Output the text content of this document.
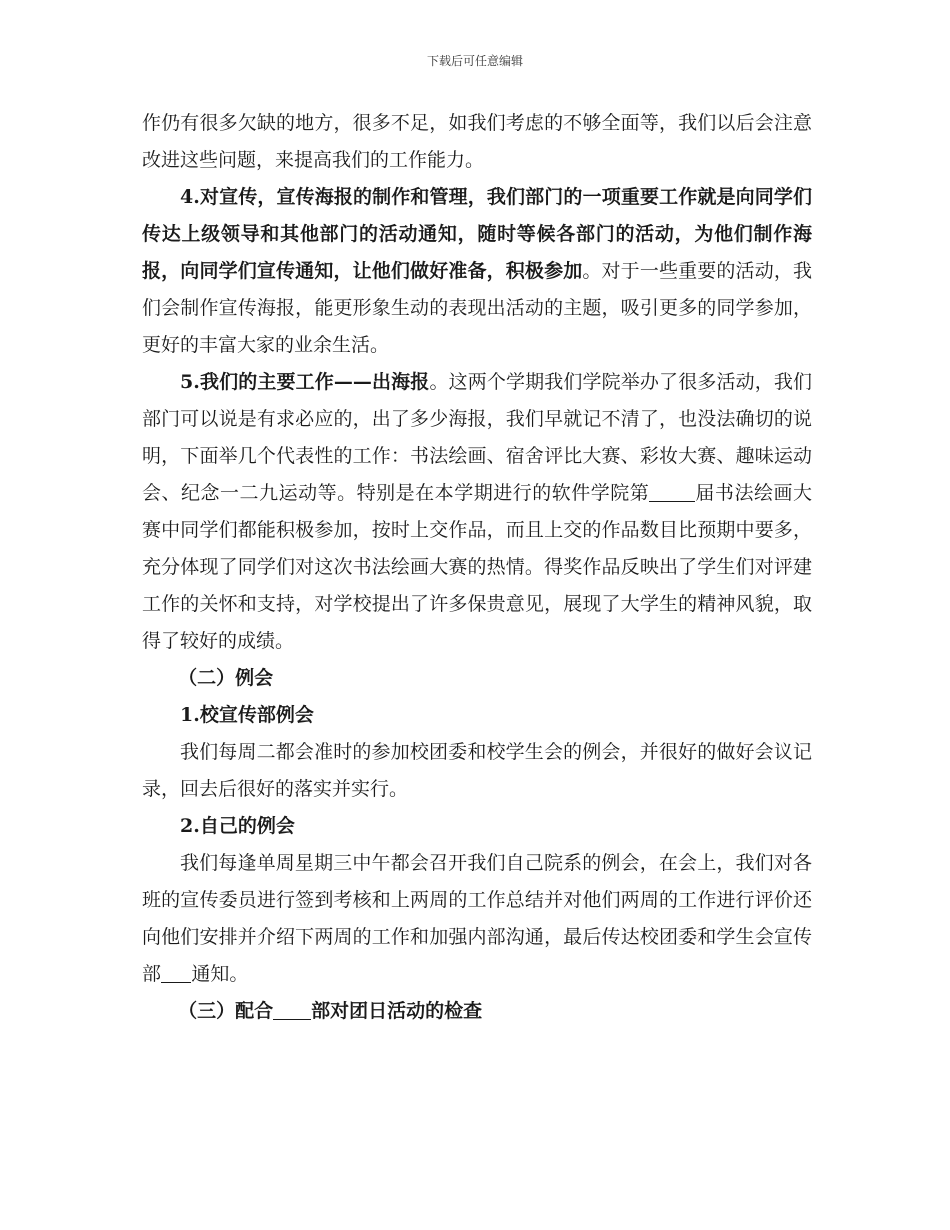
下载后可任意编辑

作仍有很多欠缺的地方，很多不足，如我们考虑的不够全面等，我们以后会注意改进这些问题，来提高我们的工作能力。

4.对宣传，宣传海报的制作和管理，我们部门的一项重要工作就是向同学们传达上级领导和其他部门的活动通知，随时等候各部门的活动，为他们制作海报，向同学们宣传通知，让他们做好准备，积极参加。对于一些重要的活动，我们会制作宣传海报，能更形象生动的表现出活动的主题，吸引更多的同学参加，更好的丰富大家的业余生活。

5.我们的主要工作——出海报。这两个学期我们学院举办了很多活动，我们部门可以说是有求必应的，出了多少海报，我们早就记不清了，也没法确切的说明，下面举几个代表性的工作：书法绘画、宿舍评比大赛、彩妆大赛、趣味运动会、纪念一二九运动等。特别是在本学期进行的软件学院第 届书法绘画大赛中同学们都能积极参加，按时上交作品，而且上交的作品数目比预期中要多，充分体现了同学们对这次书法绘画大赛的热情。得奖作品反映出了学生们对评建工作的关怀和支持，对学校提出了许多保贵意见，展现了大学生的精神风貌，取得了较好的成绩。

（二）例会

1.校宣传部例会

我们每周二都会准时的参加校团委和校学生会的例会，并很好的做好会议记录，回去后很好的落实并实行。

2.自己的例会

我们每逢单周星期三中午都会召开我们自己院系的例会，在会上，我们对各班的宣传委员进行签到考核和上两周的工作总结并对他们两周的工作进行评价还向他们安排并介绍下两周的工作和加强内部沟通，最后传达校团委和学生会宣传部 通知。

（三）配合 部对团日活动的检查
